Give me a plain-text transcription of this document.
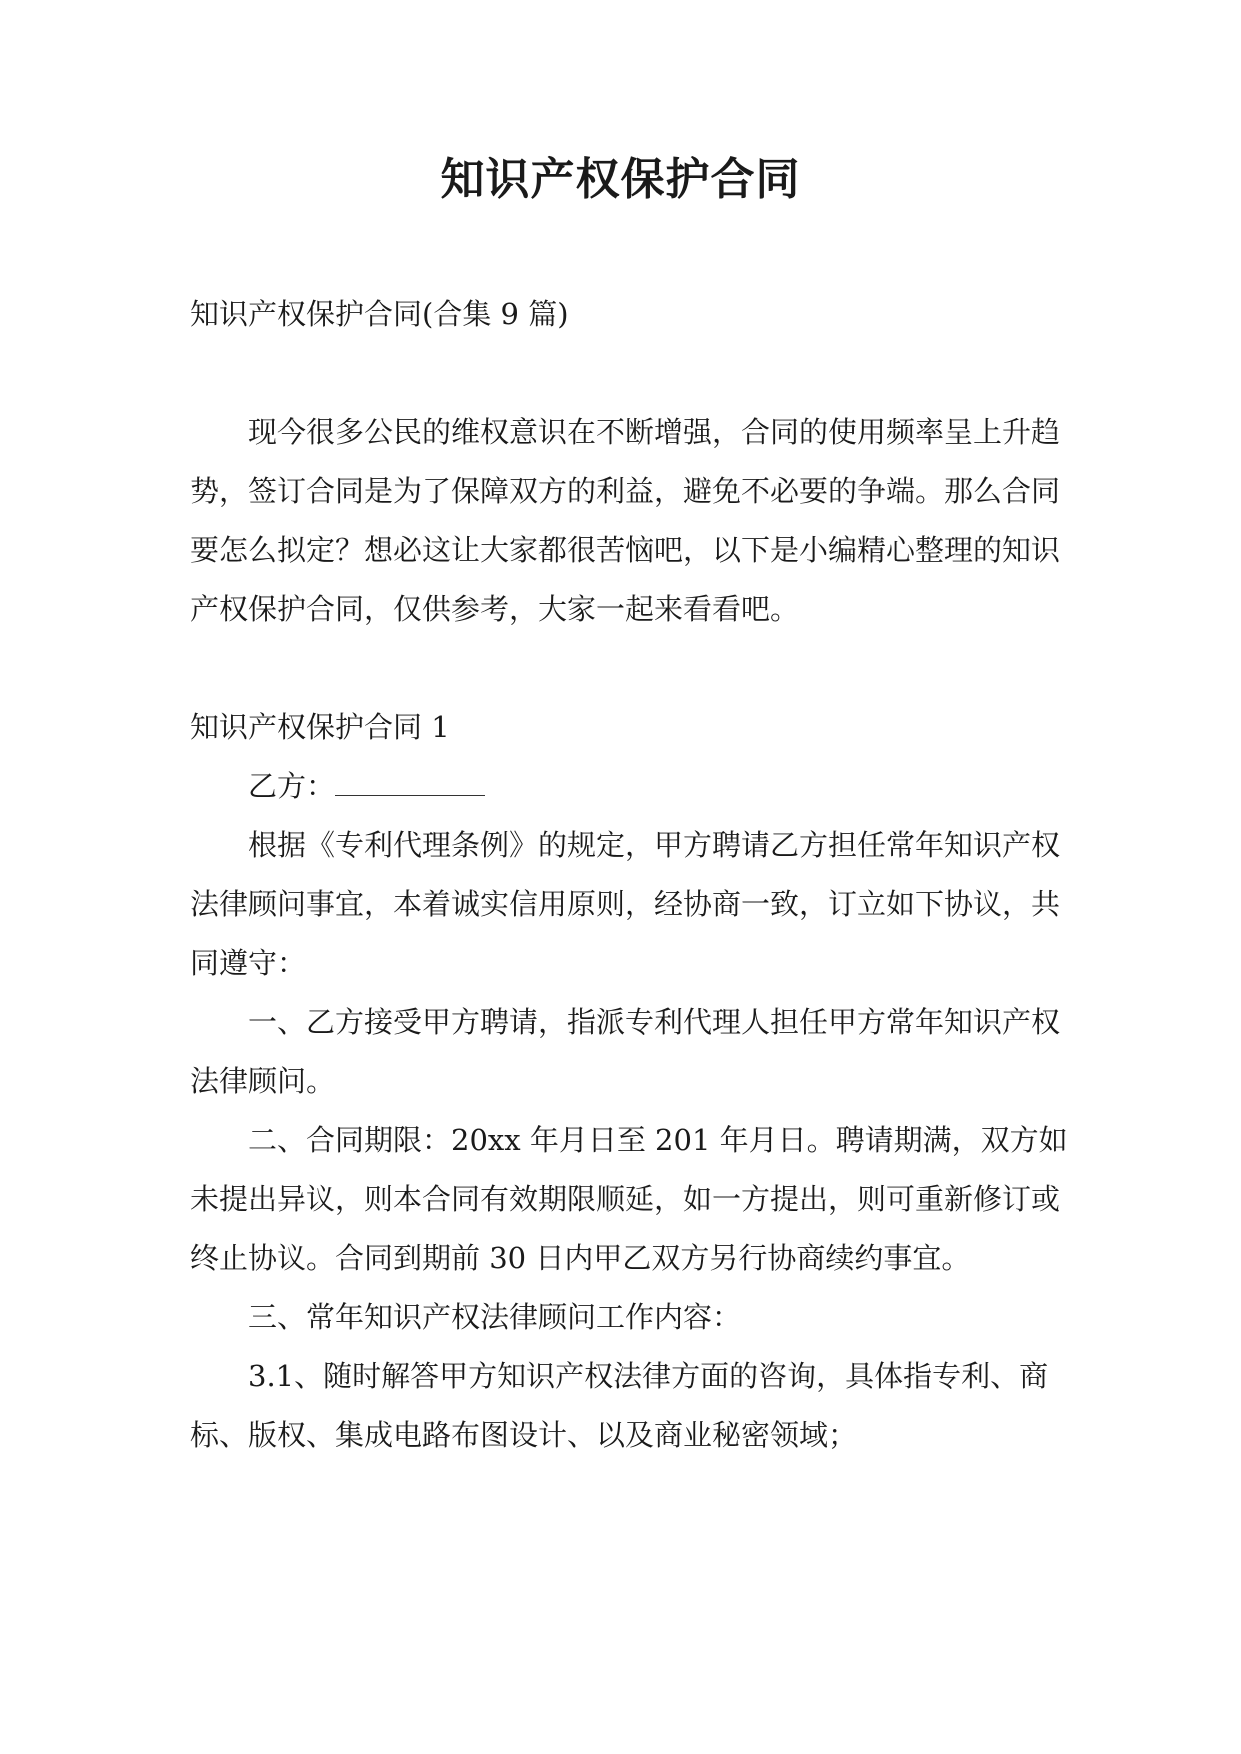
知识产权保护合同

知识产权保护合同(合集 9 篇)

现今很多公民的维权意识在不断增强，合同的使用频率呈上升趋势，签订合同是为了保障双方的利益，避免不必要的争端。那么合同要怎么拟定？想必这让大家都很苦恼吧，以下是小编精心整理的知识产权保护合同，仅供参考，大家一起来看看吧。

知识产权保护合同 1

乙方：

根据《专利代理条例》的规定，甲方聘请乙方担任常年知识产权法律顾问事宜，本着诚实信用原则，经协商一致，订立如下协议，共同遵守：

一、乙方接受甲方聘请，指派专利代理人担任甲方常年知识产权法律顾问。

二、合同期限：20xx 年月日至 201 年月日。聘请期满，双方如未提出异议，则本合同有效期限顺延，如一方提出，则可重新修订或终止协议。合同到期前 30 日内甲乙双方另行协商续约事宜。

三、常年知识产权法律顾问工作内容：

3.1、随时解答甲方知识产权法律方面的咨询，具体指专利、商标、版权、集成电路布图设计、以及商业秘密领域；
